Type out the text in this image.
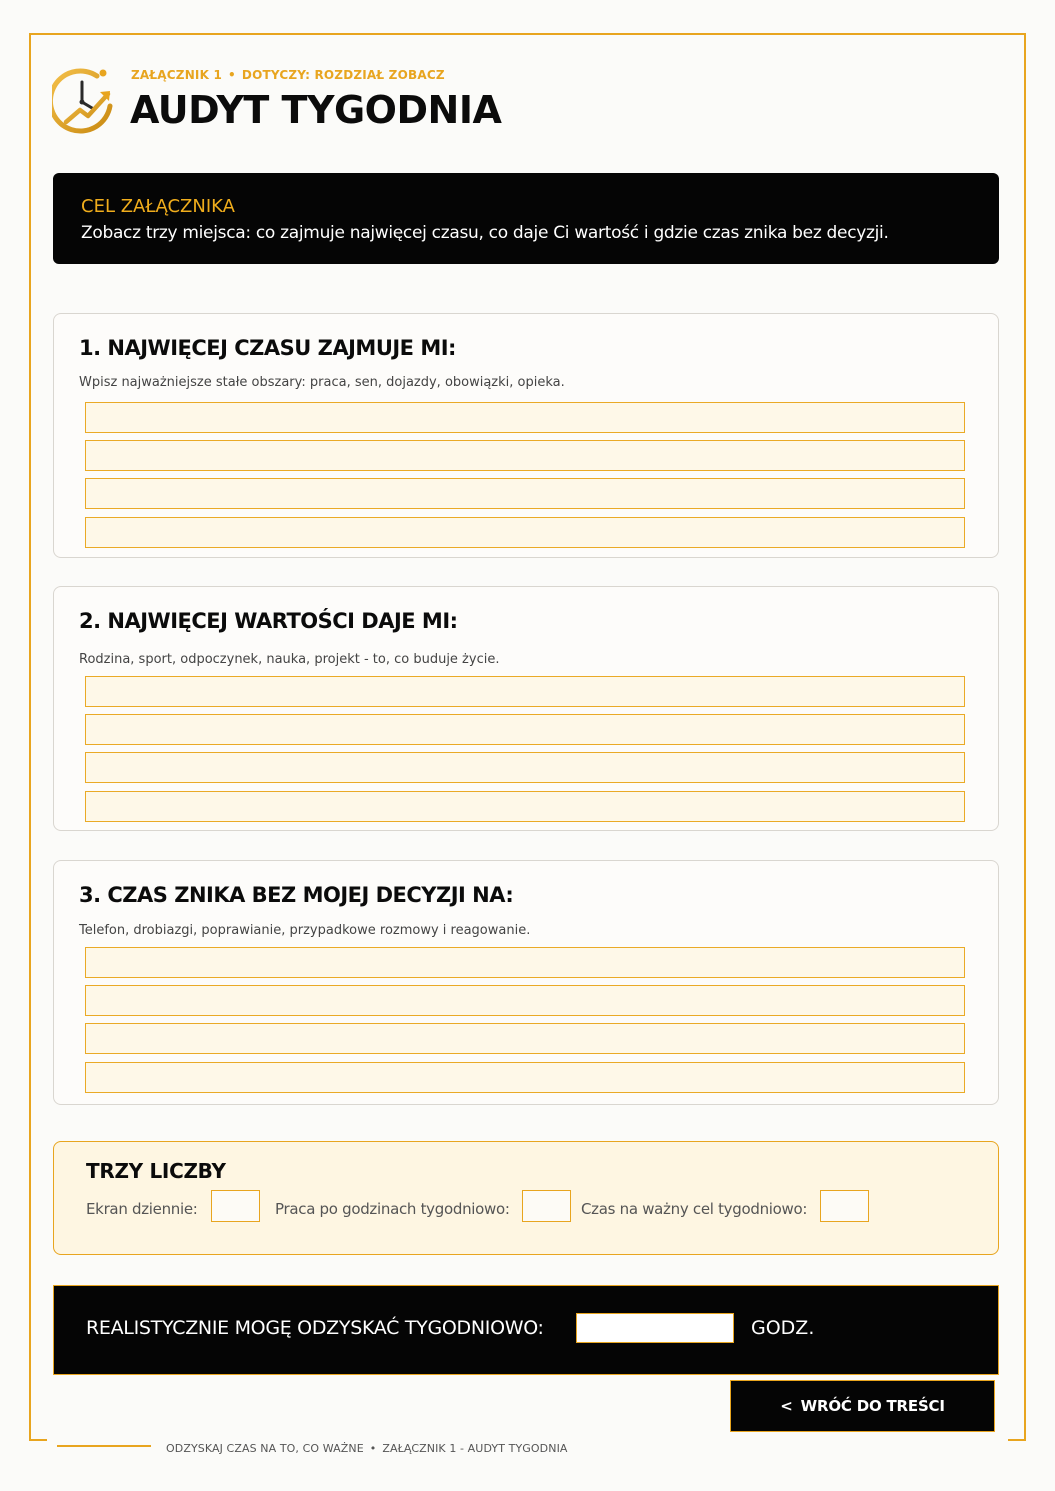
ZAŁĄCZNIK 1 • DOTYCZY: ROZDZIAŁ ZOBACZ
AUDYT TYGODNIA
CEL ZAŁĄCZNIKA
Zobacz trzy miejsca: co zajmuje najwięcej czasu, co daje Ci wartość i gdzie czas znika bez decyzji.
1. NAJWIĘCEJ CZASU ZAJMUJE MI:
Wpisz najważniejsze stałe obszary: praca, sen, dojazdy, obowiązki, opieka.
2. NAJWIĘCEJ WARTOŚCI DAJE MI:
Rodzina, sport, odpoczynek, nauka, projekt - to, co buduje życie.
3. CZAS ZNIKA BEZ MOJEJ DECYZJI NA:
Telefon, drobiazgi, poprawianie, przypadkowe rozmowy i reagowanie.
TRZY LICZBY
Ekran dziennie:	Praca po godzinach tygodniowo:	Czas na ważny cel tygodniowo:
REALISTYCZNIE MOGĘ ODZYSKAĆ TYGODNIOWO:	GODZ.
< WRÓĆ DO TREŚCI
ODZYSKAJ CZAS NA TO, CO WAŻNE • ZAŁĄCZNIK 1 - AUDYT TYGODNIA
